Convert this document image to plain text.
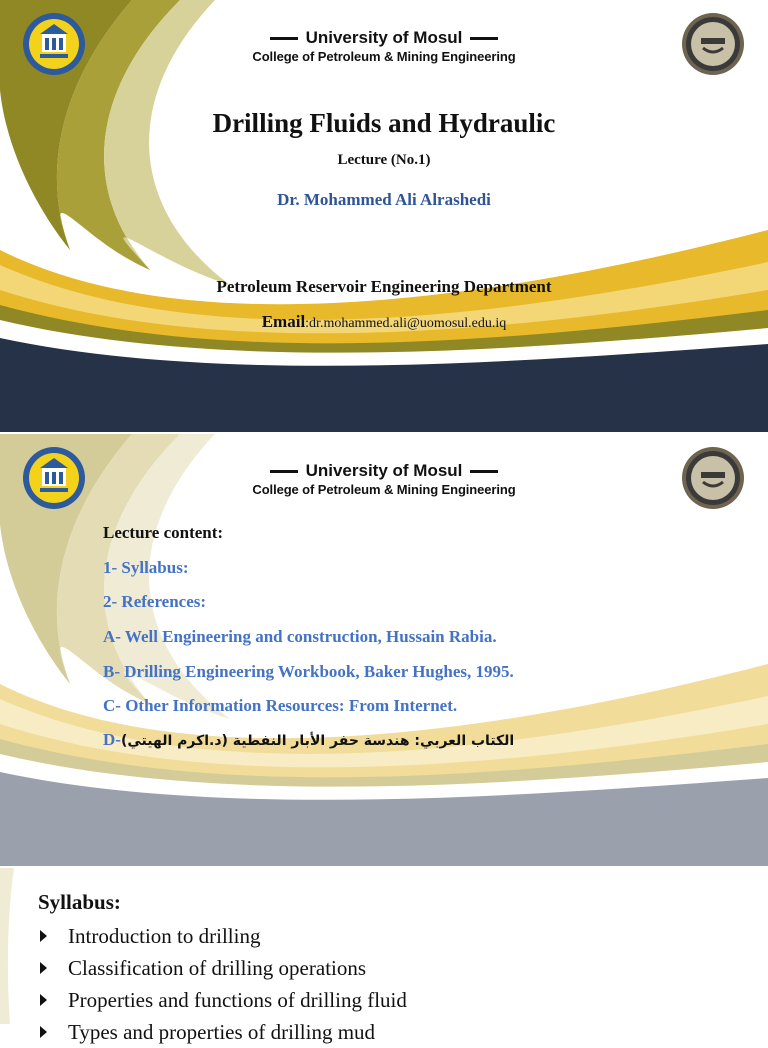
University of Mosul
College of Petroleum & Mining Engineering
Drilling Fluids and Hydraulic
Lecture (No.1)
Dr. Mohammed Ali Alrashedi
Petroleum Reservoir Engineering Department
Email:dr.mohammed.ali@uomosul.edu.iq
University of Mosul
College of Petroleum & Mining Engineering
Lecture content:
1- Syllabus:
2- References:
A- Well Engineering and construction, Hussain Rabia.
B- Drilling Engineering Workbook, Baker Hughes, 1995.
C- Other Information Resources: From Internet.
D-الكتاب العربي: هندسة حفر الأبار النفطية (د.اكرم الهيتي)
Syllabus:
Introduction to drilling
Classification of drilling operations
Properties and functions of drilling fluid
Types and properties of drilling mud
